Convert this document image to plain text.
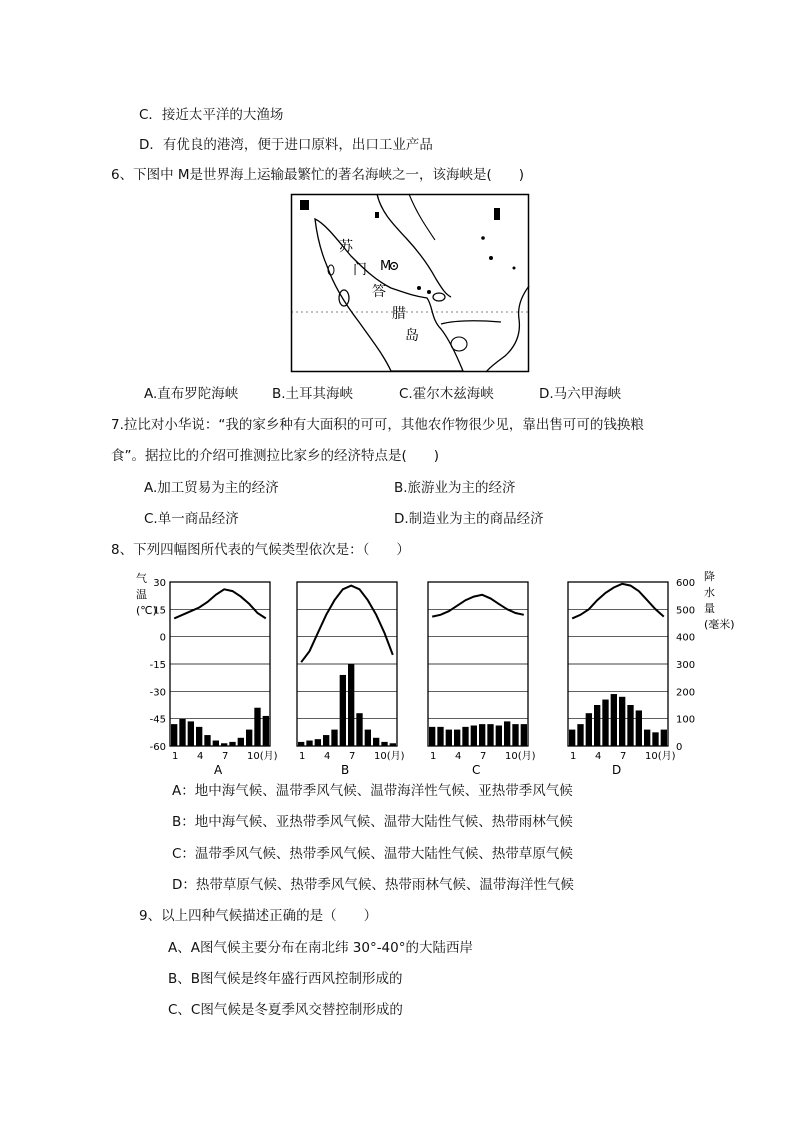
C．接近太平洋的大渔场
D．有优良的港湾，便于进口原料，出口工业产品
6、下图中 M是世界海上运输最繁忙的著名海峡之一，该海峡是(　　)
M
苏
门
答
腊
岛
A.直布罗陀海峡 B.土耳其海峡	C.霍尔木兹海峡	D.马六甲海峡
7.拉比对小华说：“我的家乡种有大面积的可可，其他农作物很少见，靠出售可可的钱换粮
食”。据拉比的介绍可推测拉比家乡的经济特点是(　　)
A.加工贸易为主的经济	B.旅游业为主的经济
C.单一商品经济	D.制造业为主的商品经济
8、下列四幅图所代表的气候类型依次是：（　　）
气
温
(℃)
30
15
0
-15
-30
-45
-60
降
水
量
(毫米)
600
500
400
300
200
100
0
1 4 7 10(月)
A
1 4 7 10(月)
B
1 4 7 10(月)
C
1 4 7 10(月)
D
A：地中海气候、温带季风气候、温带海洋性气候、亚热带季风气候
B：地中海气候、亚热带季风气候、温带大陆性气候、热带雨林气候
C：温带季风气候、热带季风气候、温带大陆性气候、热带草原气候
D：热带草原气候、热带季风气候、热带雨林气候、温带海洋性气候
9、以上四种气候描述正确的是（　　）
A、A图气候主要分布在南北纬 30°-40°的大陆西岸
B、B图气候是终年盛行西风控制形成的
C、C图气候是冬夏季风交替控制形成的
